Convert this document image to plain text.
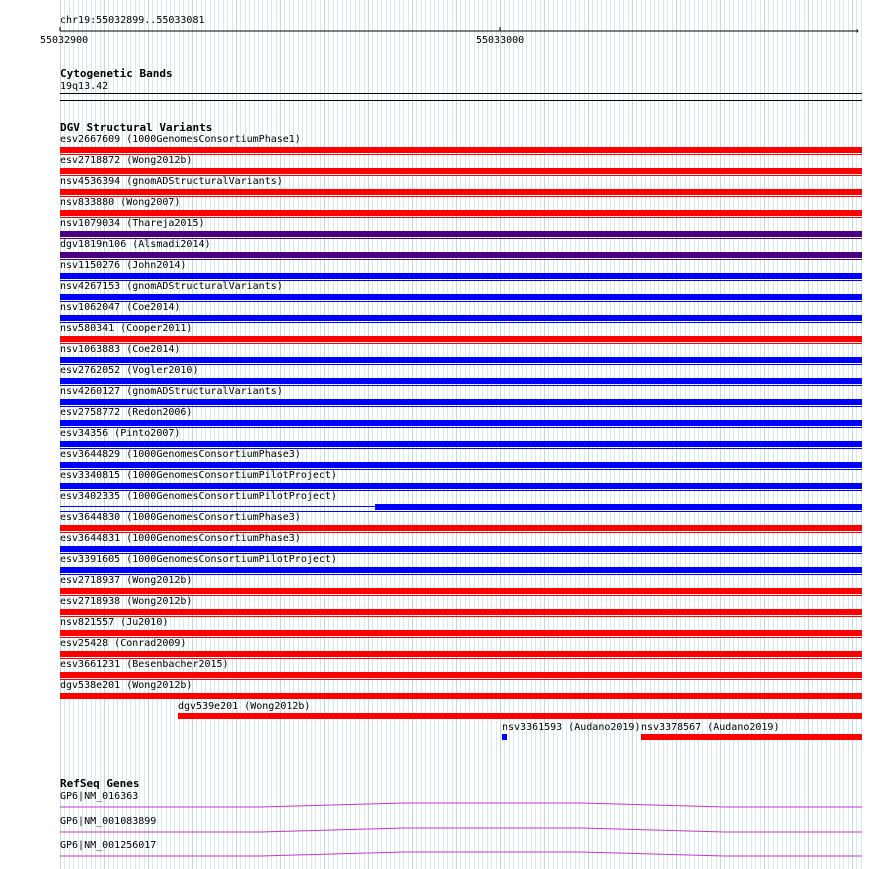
chr19:55032899..55033081
→
55032900	55033000
Cytogenetic Bands
19q13.42
DGV Structural Variants
esv2667609 (1000GenomesConsortiumPhase1)
esv2718872 (Wong2012b)
nsv4536394 (gnomADStructuralVariants)
nsv833880 (Wong2007)
nsv1079034 (Thareja2015)
dgv1819n106 (Alsmadi2014)
nsv1150276 (John2014)
nsv4267153 (gnomADStructuralVariants)
nsv1062047 (Coe2014)
nsv580341 (Cooper2011)
nsv1063883 (Coe2014)
esv2762052 (Vogler2010)
nsv4260127 (gnomADStructuralVariants)
esv2758772 (Redon2006)
esv34356 (Pinto2007)
esv3644829 (1000GenomesConsortiumPhase3)
esv3340815 (1000GenomesConsortiumPilotProject)
esv3402335 (1000GenomesConsortiumPilotProject)
esv3644830 (1000GenomesConsortiumPhase3)
esv3644831 (1000GenomesConsortiumPhase3)
esv3391605 (1000GenomesConsortiumPilotProject)
esv2718937 (Wong2012b)
esv2718938 (Wong2012b)
nsv821557 (Ju2010)
esv25428 (Conrad2009)
esv3661231 (Besenbacher2015)
dgv538e201 (Wong2012b)
dgv539e201 (Wong2012b)
nsv3361593 (Audano2019) nsv3378567 (Audano2019)
RefSeq Genes
GP6|NM_016363
GP6|NM_001083899
GP6|NM_001256017
